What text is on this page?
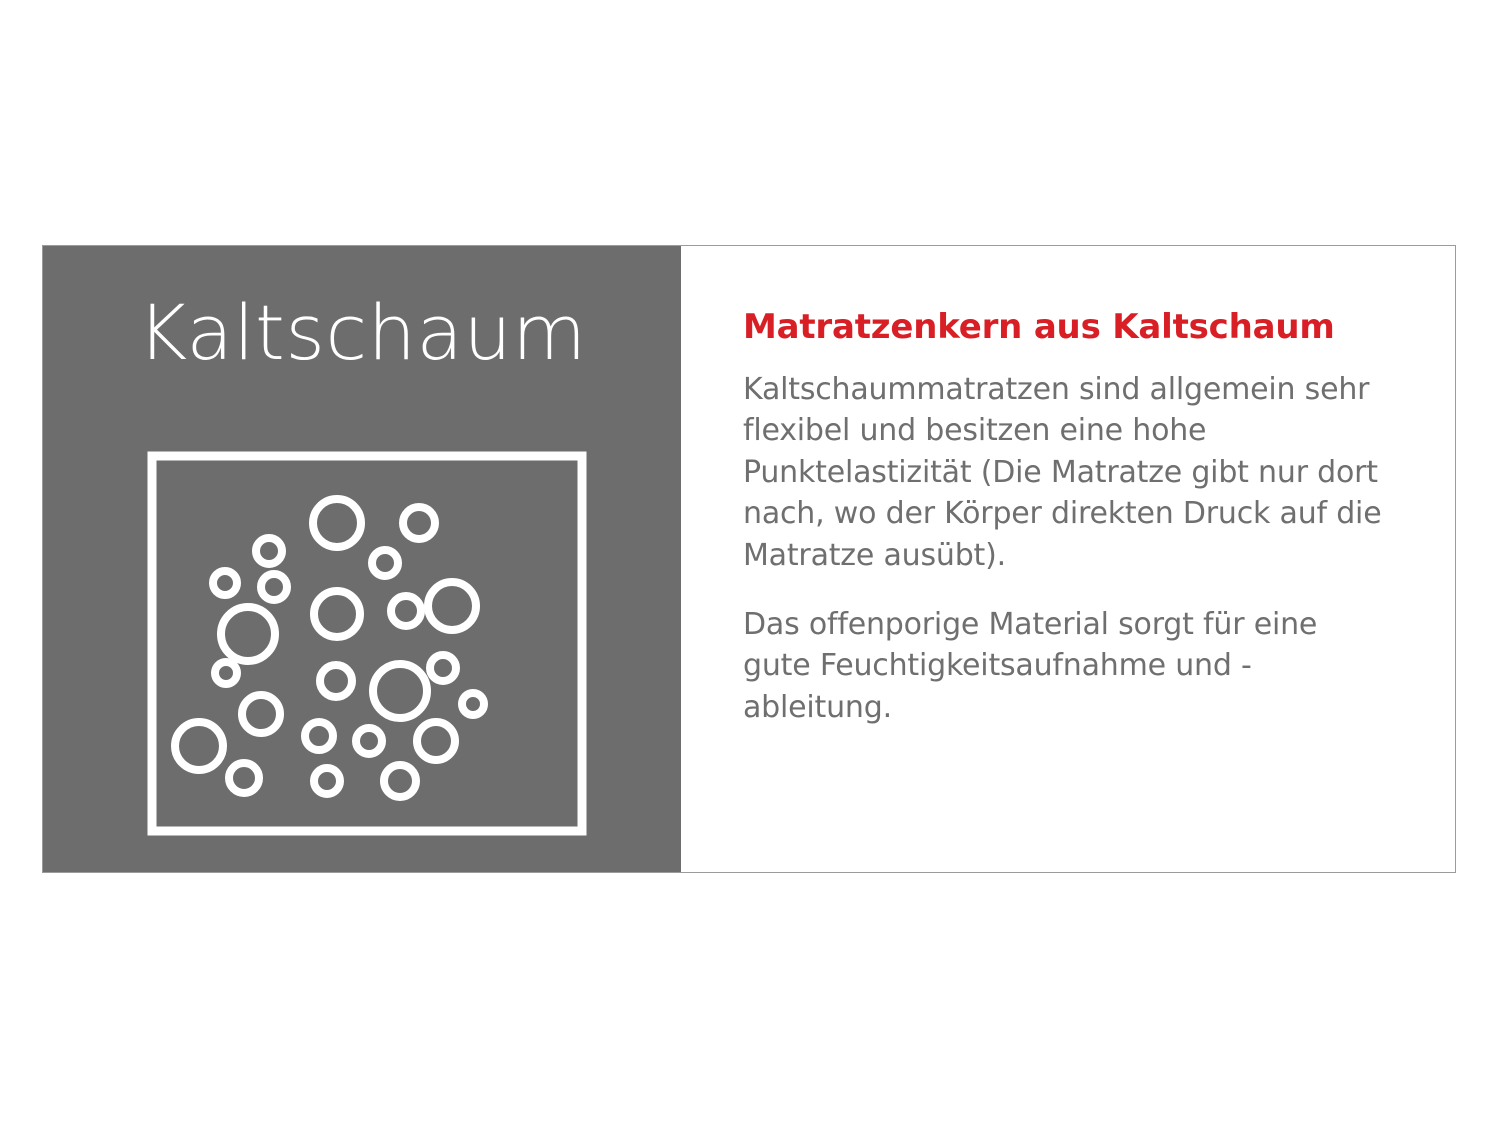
Kaltschaum	Matratzenkern aus Kaltschaum

Kaltschaummatratzen sind allgemein sehr flexibel und besitzen eine hohe Punktelastizität (Die Matratze gibt nur dort nach, wo der Körper direkten Druck auf die Matratze ausübt).

Das offenporige Material sorgt für eine gute Feuchtigkeitsaufnahme und -ableitung.
